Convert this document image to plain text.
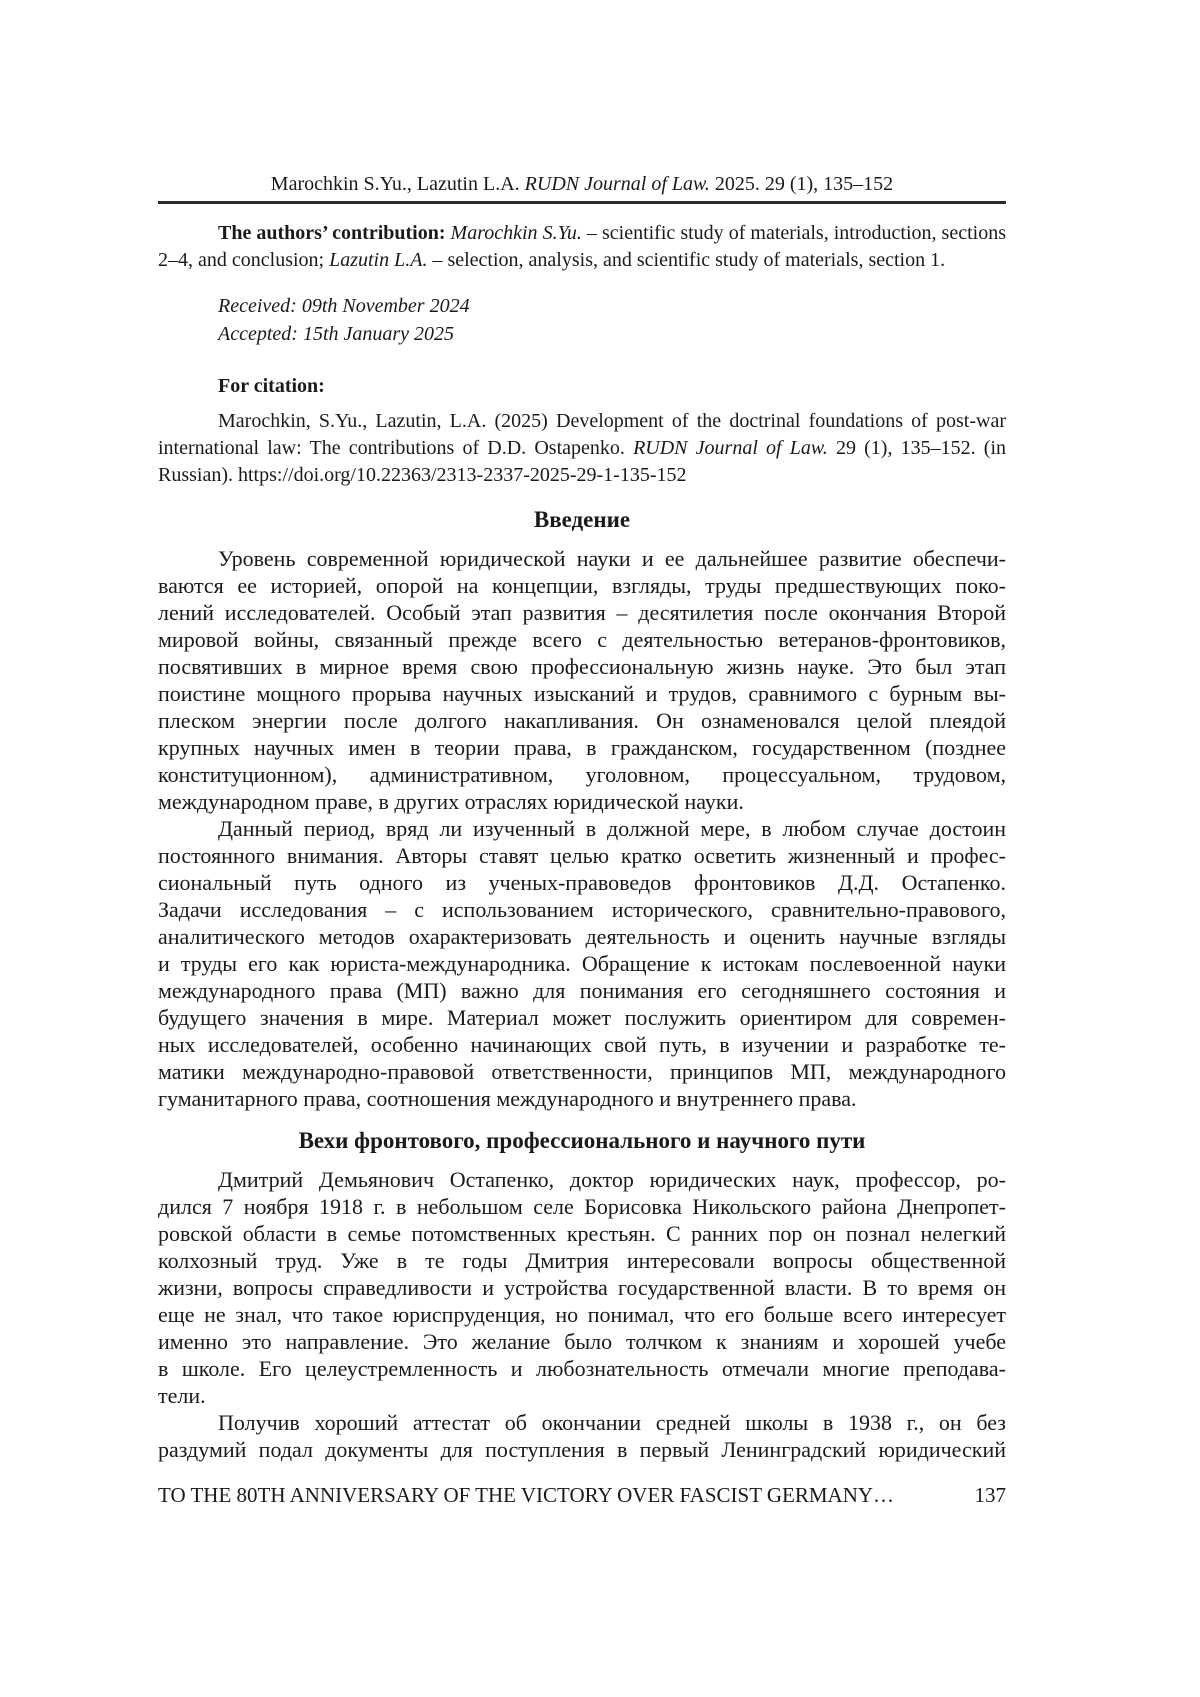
Marochkin S.Yu., Lazutin L.A. RUDN Journal of Law. 2025. 29 (1), 135–152

The authors’ contribution: Marochkin S.Yu. – scientific study of materials, introduction, sections 2–4, and conclusion; Lazutin L.A. – selection, analysis, and scientific study of materials, section 1.

Received: 09th November 2024
Accepted: 15th January 2025
For citation:

Marochkin, S.Yu., Lazutin, L.A. (2025) Development of the doctrinal foundations of post-war international law: The contributions of D.D. Ostapenko. RUDN Journal of Law. 29 (1), 135–152. (in Russian). https://doi.org/10.22363/2313-2337-2025-29-1-135-152

Введение
Уровень современной юридической науки и ее дальнейшее развитие обеспечи-
ваются ее историей, опорой на концепции, взгляды, труды предшествующих поко-
лений исследователей. Особый этап развития – десятилетия после окончания Второй
мировой войны, связанный прежде всего с деятельностью ветеранов-фронтовиков,
посвятивших в мирное время свою профессиональную жизнь науке. Это был этап
поистине мощного прорыва научных изысканий и трудов, сравнимого с бурным вы-
плеском энергии после долгого накапливания. Он ознаменовался целой плеядой
крупных научных имен в теории права, в гражданском, государственном (позднее
конституционном), административном, уголовном, процессуальном, трудовом,
международном праве, в других отраслях юридической науки.
Данный период, вряд ли изученный в должной мере, в любом случае достоин
постоянного внимания. Авторы ставят целью кратко осветить жизненный и профес-
сиональный путь одного из ученых-правоведов фронтовиков Д.Д. Остапенко.
Задачи исследования – с использованием исторического, сравнительно-правового,
аналитического методов охарактеризовать деятельность и оценить научные взгляды
и труды его как юриста-международника. Обращение к истокам послевоенной науки
международного права (МП) важно для понимания его сегодняшнего состояния и
будущего значения в мире. Материал может послужить ориентиром для современ-
ных исследователей, особенно начинающих свой путь, в изучении и разработке те-
матики международно-правовой ответственности, принципов МП, международного
гуманитарного права, соотношения международного и внутреннего права.
Вехи фронтового, профессионального и научного пути
Дмитрий Демьянович Остапенко, доктор юридических наук, профессор, ро-
дился 7 ноября 1918 г. в небольшом селе Борисовка Никольского района Днепропет-
ровской области в семье потомственных крестьян. С ранних пор он познал нелегкий
колхозный труд. Уже в те годы Дмитрия интересовали вопросы общественной
жизни, вопросы справедливости и устройства государственной власти. В то время он
еще не знал, что такое юриспруденция, но понимал, что его больше всего интересует
именно это направление. Это желание было толчком к знаниям и хорошей учебе
в школе. Его целеустремленность и любознательность отмечали многие преподава-
тели.
Получив хороший аттестат об окончании средней школы в 1938 г., он без
раздумий подал документы для поступления в первый Ленинградский юридический
TO THE 80TH ANNIVERSARY OF THE VICTORY OVER FASCIST GERMANY…	137
